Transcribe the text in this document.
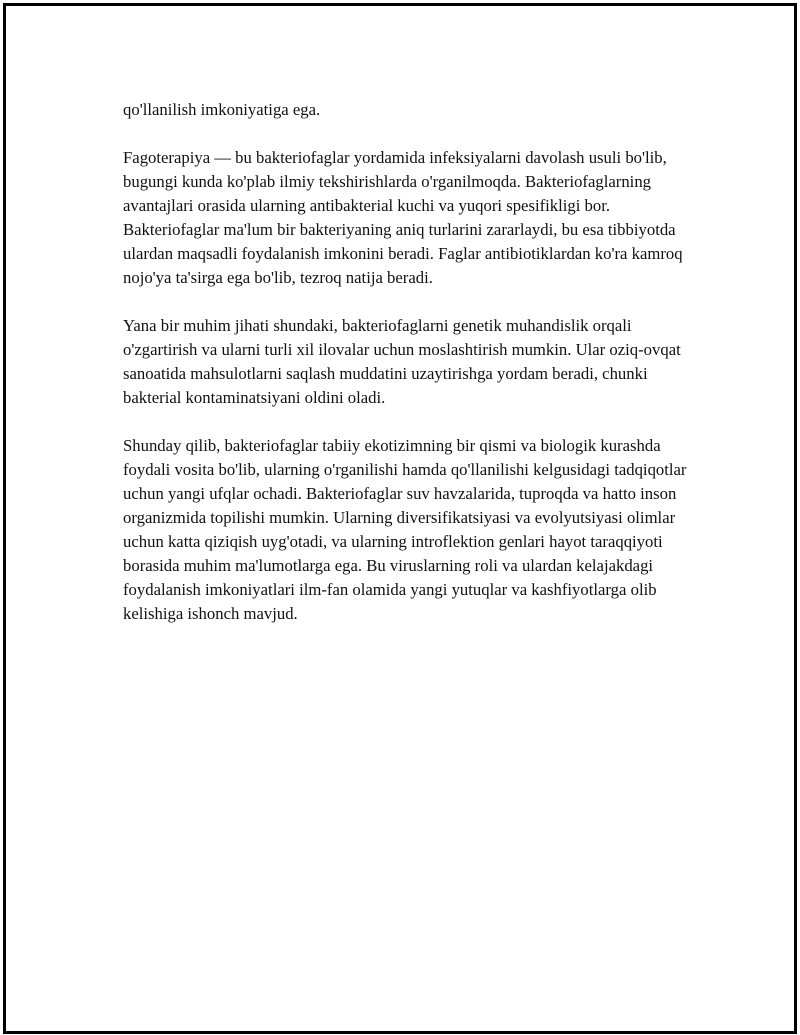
qo'llanilish imkoniyatiga ega.

Fagoterapiya — bu bakteriofaglar yordamida infeksiyalarni davolash usuli bo'lib, bugungi kunda ko'plab ilmiy tekshirishlarda o'rganilmoqda. Bakteriofaglarning avantajlari orasida ularning antibakterial kuchi va yuqori spesifikligi bor. Bakteriofaglar ma'lum bir bakteriyaning aniq turlarini zararlaydi, bu esa tibbiyotda ulardan maqsadli foydalanish imkonini beradi. Faglar antibiotiklardan ko'ra kamroq nojo'ya ta'sirga ega bo'lib, tezroq natija beradi.

Yana bir muhim jihati shundaki, bakteriofaglarni genetik muhandislik orqali o'zgartirish va ularni turli xil ilovalar uchun moslashtirish mumkin. Ular oziq-ovqat sanoatida mahsulotlarni saqlash muddatini uzaytirishga yordam beradi, chunki bakterial kontaminatsiyani oldini oladi.

Shunday qilib, bakteriofaglar tabiiy ekotizimning bir qismi va biologik kurashda foydali vosita bo'lib, ularning o'rganilishi hamda qo'llanilishi kelgusidagi tadqiqotlar uchun yangi ufqlar ochadi. Bakteriofaglar suv havzalarida, tuproqda va hatto inson organizmida topilishi mumkin. Ularning diversifikatsiyasi va evolyutsiyasi olimlar uchun katta qiziqish uyg'otadi, va ularning introflektion genlari hayot taraqqiyoti borasida muhim ma'lumotlarga ega. Bu viruslarning roli va ulardan kelajakdagi foydalanish imkoniyatlari ilm-fan olamida yangi yutuqlar va kashfiyotlarga olib kelishiga ishonch mavjud.
